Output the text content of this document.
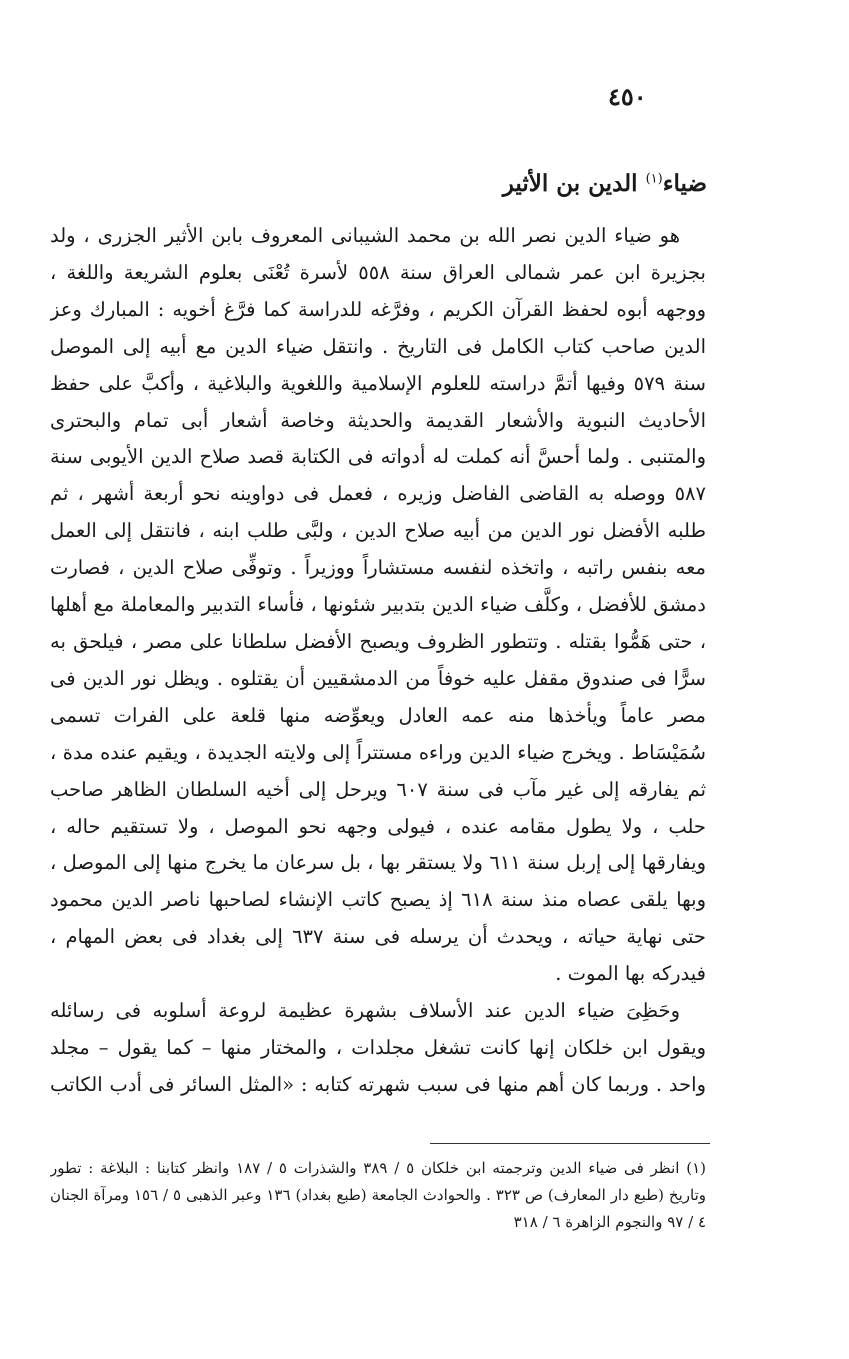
٤٥٠
ضياء$^{(١)}$ الدين بن الأثير

هو ضياء الدين نصر الله بن محمد الشيبانى المعروف بابن الأثير الجزرى ، ولد بجزيرة ابن عمر شمالى العراق سنة ٥٥٨ لأسرة تُعْنَى بعلوم الشريعة واللغة ، ووجهه أبوه لحفظ القرآن الكريم ، وفرَّغه للدراسة كما فرَّغ أخويه : المبارك وعز الدين صاحب كتاب الكامل فى التاريخ . وانتقل ضياء الدين مع أبيه إلى الموصل سنة ٥٧٩ وفيها أتمَّ دراسته للعلوم الإسلامية واللغوية والبلاغية ، وأكبَّ على حفظ الأحاديث النبوية والأشعار القديمة والحديثة وخاصة أشعار أبى تمام والبحترى والمتنبى . ولما أحسَّ أنه كملت له أدواته فى الكتابة قصد صلاح الدين الأيوبى سنة ٥٨٧ ووصله به القاضى الفاضل وزيره ، فعمل فى دواوينه نحو أربعة أشهر ، ثم طلبه الأفضل نور الدين من أبيه صلاح الدين ، ولبَّى طلب ابنه ، فانتقل إلى العمل معه بنفس راتبه ، واتخذه لنفسه مستشاراً ووزيراً . وتوفِّى صلاح الدين ، فصارت دمشق للأفضل ، وكلَّف ضياء الدين بتدبير شئونها ، فأساء التدبير والمعاملة مع أهلها ، حتى هَمُّوا بقتله . وتتطور الظروف ويصبح الأفضل سلطانا على مصر ، فيلحق به سرًّا فى صندوق مقفل عليه خوفاً من الدمشقيين أن يقتلوه . ويظل نور الدين فى مصر عاماً ويأخذها منه عمه العادل ويعوِّضه منها قلعة على الفرات تسمى سُمَيْسَاط . ويخرج ضياء الدين وراءه مستتراً إلى ولايته الجديدة ، ويقيم عنده مدة ، ثم يفارقه إلى غير مآب فى سنة ٦٠٧ ويرحل إلى أخيه السلطان الظاهر صاحب حلب ، ولا يطول مقامه عنده ، فيولى وجهه نحو الموصل ، ولا تستقيم حاله ، ويفارقها إلى إربل سنة ٦١١ ولا يستقر بها ، بل سرعان ما يخرج منها إلى الموصل ، وبها يلقى عصاه منذ سنة ٦١٨ إذ يصبح كاتب الإنشاء لصاحبها ناصر الدين محمود حتى نهاية حياته ، ويحدث أن يرسله فى سنة ٦٣٧ إلى بغداد فى بعض المهام ، فيدركه بها الموت .

وحَظِىَ ضياء الدين عند الأسلاف بشهرة عظيمة لروعة أسلوبه فى رسائله ويقول ابن خلكان إنها كانت تشغل مجلدات ، والمختار منها – كما يقول – مجلد واحد . وربما كان أهم منها فى سبب شهرته كتابه : «المثل السائر فى أدب الكاتب

(١) انظر فى ضياء الدين وترجمته ابن خلكان ٥ / ٣٨٩ والشذرات ٥ / ١٨٧ وانظر كتابنا : البلاغة : تطور وتاريخ (طبع دار المعارف) ص ٣٢٣ . والحوادث الجامعة (طبع بغداد) ١٣٦ وعبر الذهبى ٥ / ١٥٦ ومرآة الجنان ٤ / ٩٧ والنجوم الزاهرة ٦ / ٣١٨
